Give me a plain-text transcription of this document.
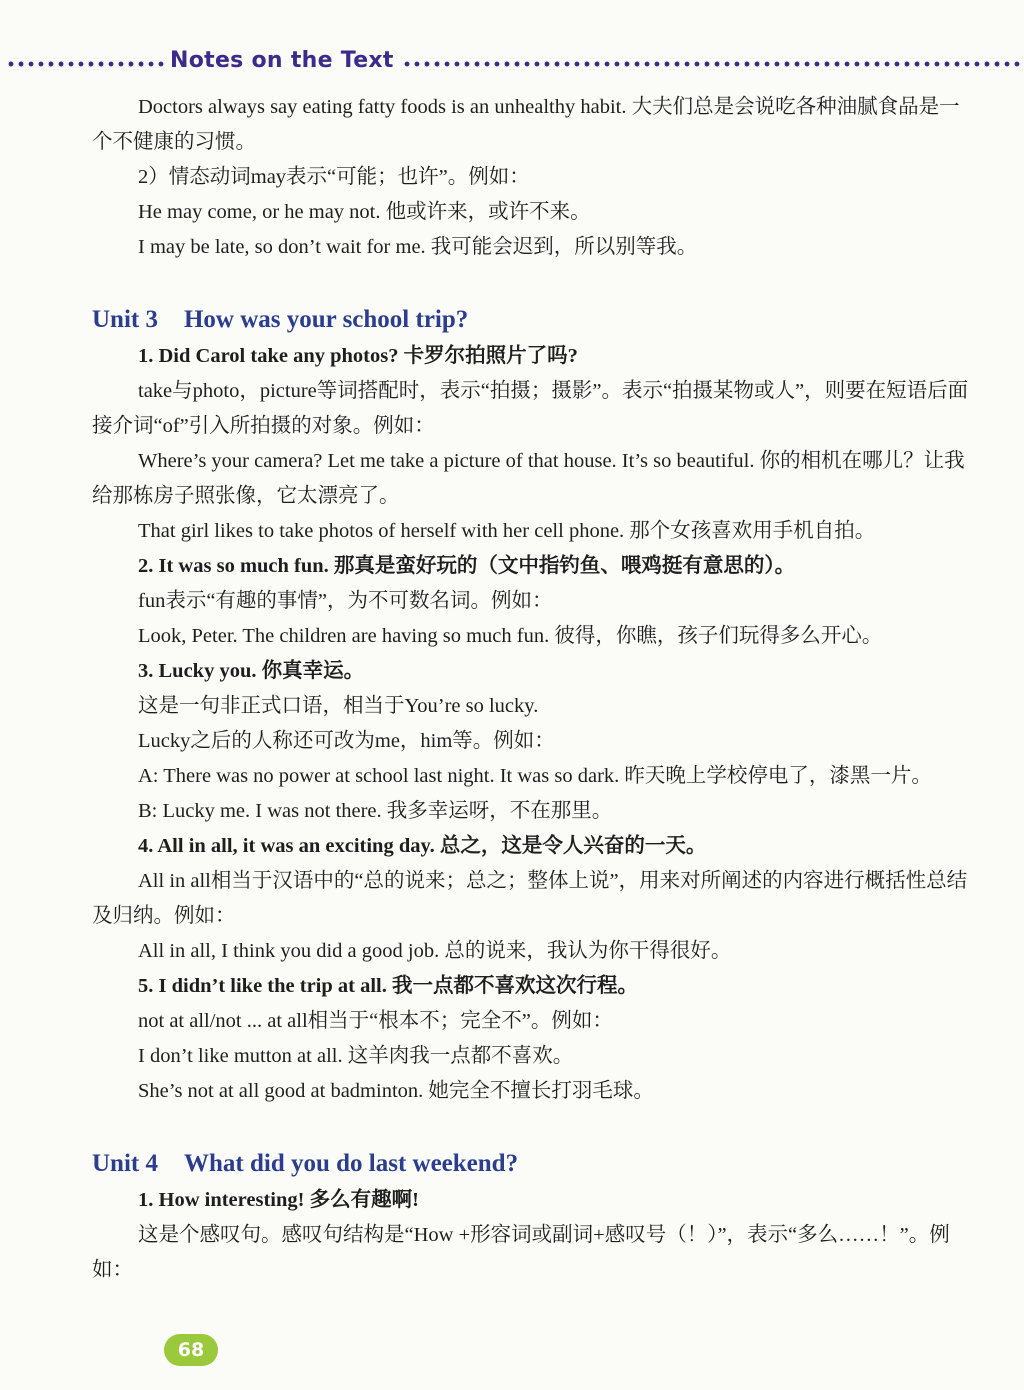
Notes on the Text

Doctors always say eating fatty foods is an unhealthy habit. 大夫们总是会说吃各种油腻食品是一个不健康的习惯。

2）情态动词may表示“可能；也许”。例如：

He may come, or he may not. 他或许来，或许不来。

I may be late, so don’t wait for me. 我可能会迟到，所以别等我。

Unit 3 How was your school trip?

1. Did Carol take any photos? 卡罗尔拍照片了吗?

take与photo，picture等词搭配时，表示“拍摄；摄影”。表示“拍摄某物或人”，则要在短语后面接介词“of”引入所拍摄的对象。例如：

Where’s your camera? Let me take a picture of that house. It’s so beautiful. 你的相机在哪儿？让我给那栋房子照张像，它太漂亮了。

That girl likes to take photos of herself with her cell phone. 那个女孩喜欢用手机自拍。

2. It was so much fun. 那真是蛮好玩的（文中指钓鱼、喂鸡挺有意思的）。

fun表示“有趣的事情”，为不可数名词。例如：

Look, Peter. The children are having so much fun. 彼得，你瞧，孩子们玩得多么开心。

3. Lucky you. 你真幸运。

这是一句非正式口语，相当于You’re so lucky.

Lucky之后的人称还可改为me，him等。例如：

A: There was no power at school last night. It was so dark. 昨天晚上学校停电了，漆黑一片。

B: Lucky me. I was not there. 我多幸运呀，不在那里。

4. All in all, it was an exciting day. 总之，这是令人兴奋的一天。

All in all相当于汉语中的“总的说来；总之；整体上说”，用来对所阐述的内容进行概括性总结及归纳。例如：

All in all, I think you did a good job. 总的说来，我认为你干得很好。

5. I didn’t like the trip at all. 我一点都不喜欢这次行程。

not at all/not ... at all相当于“根本不；完全不”。例如：

I don’t like mutton at all. 这羊肉我一点都不喜欢。

She’s not at all good at badminton. 她完全不擅长打羽毛球。

Unit 4 What did you do last weekend?

1. How interesting! 多么有趣啊!

这是个感叹句。感叹句结构是“How +形容词或副词+感叹号（！）”，表示“多么……！”。例如：

68
